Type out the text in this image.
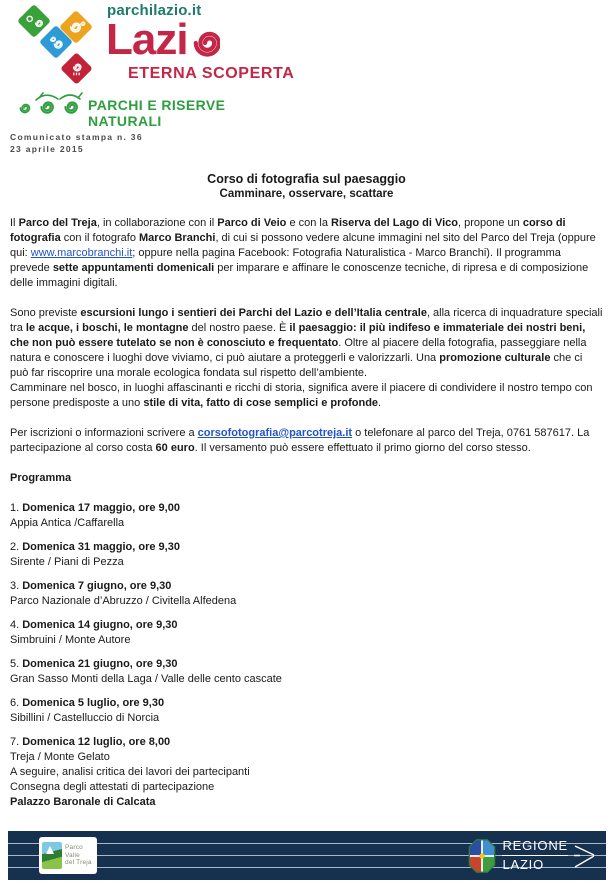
parchilazio.it
Lazi
ETERNA SCOPERTA
PARCHI E RISERVE NATURALI
Comunicato stampa n. 36
23 aprile 2015
Corso di fotografia sul paesaggio
Camminare, osservare, scattare

Il Parco del Treja, in collaborazione con il Parco di Veio e con la Riserva del Lago di Vico, propone un corso di fotografia con il fotografo Marco Branchi, di cui si possono vedere alcune immagini nel sito del Parco del Treja (oppure qui: www.marcobranchi.it; oppure nella pagina Facebook: Fotografia Naturalistica - Marco Branchi). Il programma prevede sette appuntamenti domenicali per imparare e affinare le conoscenze tecniche, di ripresa e di composizione delle immagini digitali.

Sono previste escursioni lungo i sentieri dei Parchi del Lazio e dell’Italia centrale, alla ricerca di inquadrature speciali tra le acque, i boschi, le montagne del nostro paese. È il paesaggio: il più indifeso e immateriale dei nostri beni, che non può essere tutelato se non è conosciuto e frequentato. Oltre al piacere della fotografia, passeggiare nella natura e conoscere i luoghi dove viviamo, ci può aiutare a proteggerli e valorizzarli. Una promozione culturale che ci può far riscoprire una morale ecologica fondata sul rispetto dell’ambiente.

Camminare nel bosco, in luoghi affascinanti e ricchi di storia, significa avere il piacere di condividere il nostro tempo con persone predisposte a uno stile di vita, fatto di cose semplici e profonde.

Per iscrizioni o informazioni scrivere a corsofotografia@parcotreja.it o telefonare al parco del Treja, 0761 587617. La partecipazione al corso costa 60 euro. Il versamento può essere effettuato il primo giorno del corso stesso.

Programma
1. Domenica 17 maggio, ore 9,00
Appia Antica /Caffarella
2. Domenica 31 maggio, ore 9,30
Sirente / Piani di Pezza
3. Domenica 7 giugno, ore 9,30
Parco Nazionale d’Abruzzo / Civitella Alfedena
4. Domenica 14 giugno, ore 9,30
Simbruini / Monte Autore
5. Domenica 21 giugno, ore 9,30
Gran Sasso Monti della Laga / Valle delle cento cascate
6. Domenica 5 luglio, ore 9,30
Sibillini / Castelluccio di Norcia
7. Domenica 12 luglio, ore 8,00
Treja / Monte Gelato
A seguire, analisi critica dei lavori dei partecipanti
Consegna degli attestati di partecipazione
Palazzo Baronale di Calcata
Parco
Valle
del Treja
REGIONE
LAZIO
